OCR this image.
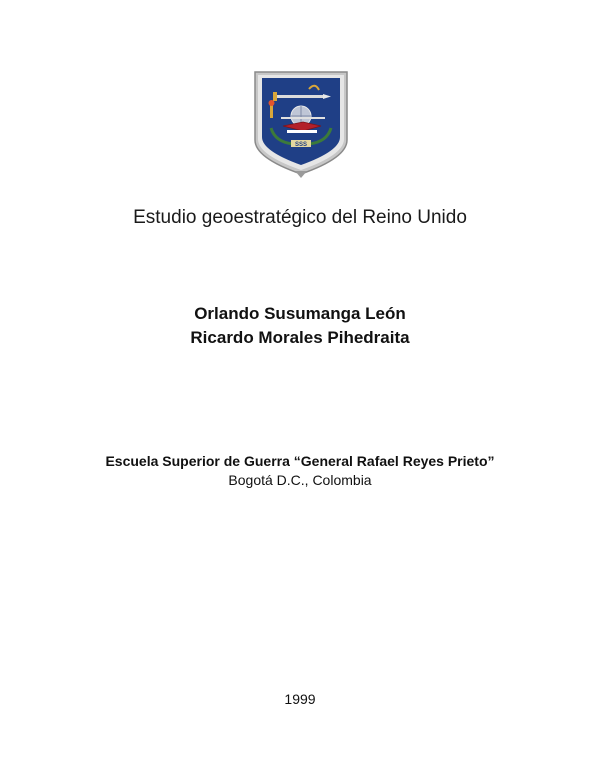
SSS
Estudio geoestratégico del Reino Unido
Orlando Susumanga León
Ricardo Morales Pihedraita
Escuela Superior de Guerra “General Rafael Reyes Prieto”
Bogotá D.C., Colombia
1999
